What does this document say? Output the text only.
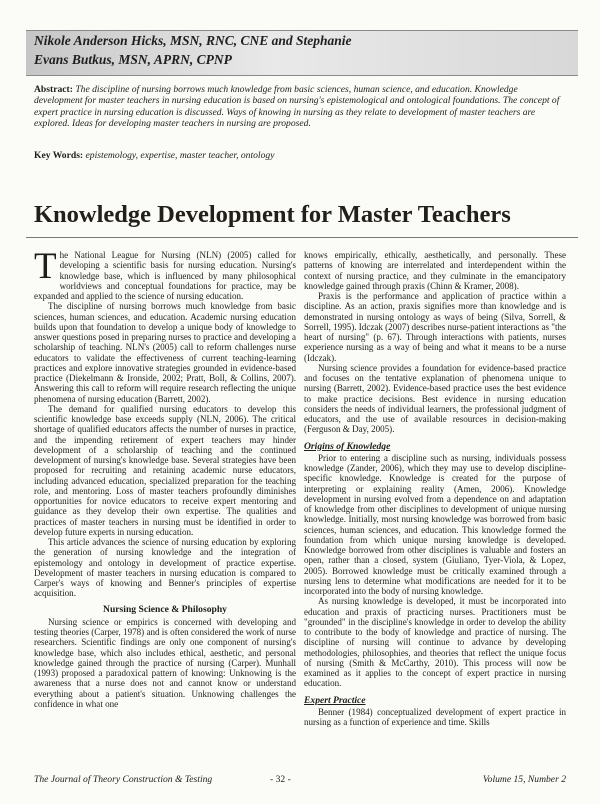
Nikole Anderson Hicks, MSN, RNC, CNE and Stephanie
Evans Butkus, MSN, APRN, CPNP
Abstract: The discipline of nursing borrows much knowledge from basic sciences, human science, and education. Knowledge development for master teachers in nursing education is based on nursing's epistemological and ontological foundations. The concept of expert practice in nursing education is discussed. Ways of knowing in nursing as they relate to development of master teachers are explored. Ideas for developing master teachers in nursing are proposed.
Key Words: epistemology, expertise, master teacher, ontology
Knowledge Development for Master Teachers

The National League for Nursing (NLN) (2005) called for developing a scientific basis for nursing education. Nursing's knowledge base, which is influenced by many philosophical worldviews and conceptual foundations for practice, may be expanded and applied to the science of nursing education.

The discipline of nursing borrows much knowledge from basic sciences, human sciences, and education. Academic nursing education builds upon that foundation to develop a unique body of knowledge to answer questions posed in preparing nurses to practice and developing a scholarship of teaching. NLN's (2005) call to reform challenges nurse educators to validate the effectiveness of current teaching-learning practices and explore innovative strategies grounded in evidence-based practice (Diekelmann & Ironside, 2002; Pratt, Boll, & Collins, 2007). Answering this call to reform will require research reflecting the unique phenomena of nursing education (Barrett, 2002).

The demand for qualified nursing educators to develop this scientific knowledge base exceeds supply (NLN, 2006). The critical shortage of qualified educators affects the number of nurses in practice, and the impending retirement of expert teachers may hinder development of a scholarship of teaching and the continued development of nursing's knowledge base. Several strategies have been proposed for recruiting and retaining academic nurse educators, including advanced education, specialized preparation for the teaching role, and mentoring. Loss of master teachers profoundly diminishes opportunities for novice educators to receive expert mentoring and guidance as they develop their own expertise. The qualities and practices of master teachers in nursing must be identified in order to develop future experts in nursing education.

This article advances the science of nursing education by exploring the generation of nursing knowledge and the integration of epistemology and ontology in development of practice expertise. Development of master teachers in nursing education is compared to Carper's ways of knowing and Benner's principles of expertise acquisition.

Nursing Science & Philosophy

Nursing science or empirics is concerned with developing and testing theories (Carper, 1978) and is often considered the work of nurse researchers. Scientific findings are only one component of nursing's knowledge base, which also includes ethical, aesthetic, and personal knowledge gained through the practice of nursing (Carper). Munhall (1993) proposed a paradoxical pattern of knowing: Unknowing is the awareness that a nurse does not and cannot know or understand everything about a patient's situation. Unknowing challenges the confidence in what one

knows empirically, ethically, aesthetically, and personally. These patterns of knowing are interrelated and interdependent within the context of nursing practice, and they culminate in the emancipatory knowledge gained through praxis (Chinn & Kramer, 2008).

Praxis is the performance and application of practice within a discipline. As an action, praxis signifies more than knowledge and is demonstrated in nursing ontology as ways of being (Silva, Sorrell, & Sorrell, 1995). Idczak (2007) describes nurse-patient interactions as "the heart of nursing" (p. 67). Through interactions with patients, nurses experience nursing as a way of being and what it means to be a nurse (Idczak).

Nursing science provides a foundation for evidence-based practice and focuses on the tentative explanation of phenomena unique to nursing (Barrett, 2002). Evidence-based practice uses the best evidence to make practice decisions. Best evidence in nursing education considers the needs of individual learners, the professional judgment of educators, and the use of available resources in decision-making (Ferguson & Day, 2005).

Origins of Knowledge

Prior to entering a discipline such as nursing, individuals possess knowledge (Zander, 2006), which they may use to develop discipline-specific knowledge. Knowledge is created for the purpose of interpreting or explaining reality (Amen, 2006). Knowledge development in nursing evolved from a dependence on and adaptation of knowledge from other disciplines to development of unique nursing knowledge. Initially, most nursing knowledge was borrowed from basic sciences, human sciences, and education. This knowledge formed the foundation from which unique nursing knowledge is developed. Knowledge borrowed from other disciplines is valuable and fosters an open, rather than a closed, system (Giuliano, Tyer-Viola, & Lopez, 2005). Borrowed knowledge must be critically examined through a nursing lens to determine what modifications are needed for it to be incorporated into the body of nursing knowledge.

As nursing knowledge is developed, it must be incorporated into education and praxis of practicing nurses. Practitioners must be "grounded" in the discipline's knowledge in order to develop the ability to contribute to the body of knowledge and practice of nursing. The discipline of nursing will continue to advance by developing methodologies, philosophies, and theories that reflect the unique focus of nursing (Smith & McCarthy, 2010). This process will now be examined as it applies to the concept of expert practice in nursing education.

Expert Practice

Benner (1984) conceptualized development of expert practice in nursing as a function of experience and time. Skills

The Journal of Theory Construction & Testing	- 32 -	Volume 15, Number 2
